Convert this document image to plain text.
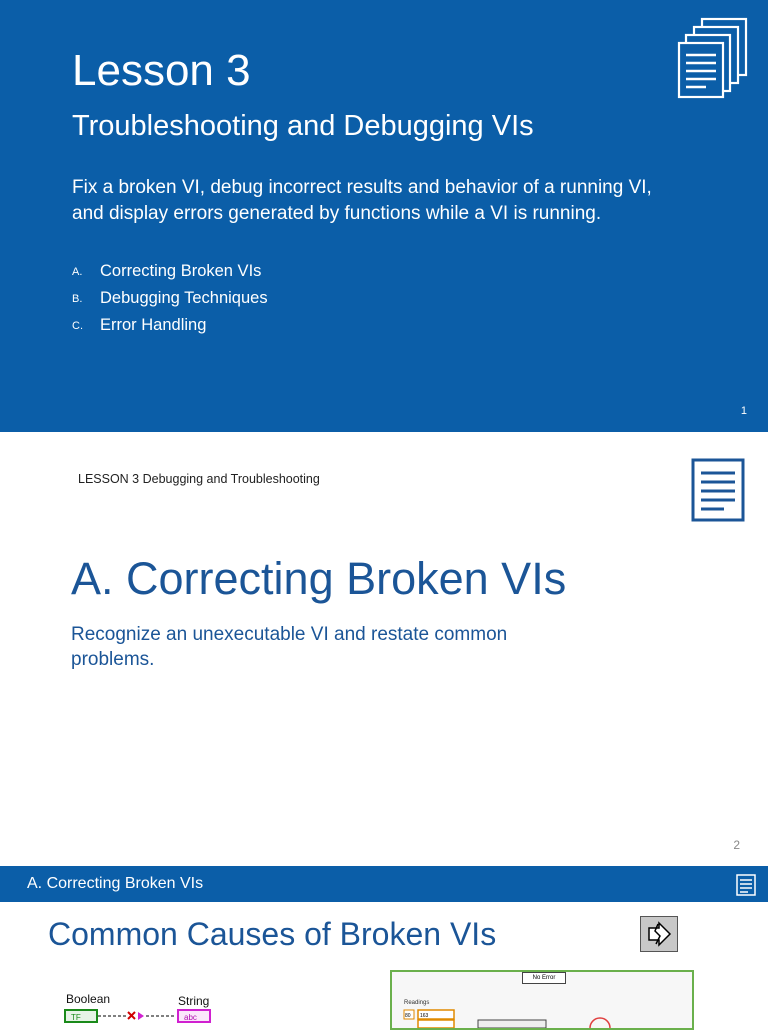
Lesson 3
Troubleshooting and Debugging VIs
Fix a broken VI, debug incorrect results and behavior of a running VI, and display errors generated by functions while a VI is running.
A.	Correcting Broken VIs
B.	Debugging Techniques
C.	Error Handling
1
LESSON 3 Debugging and Troubleshooting
A. Correcting Broken VIs
Recognize an unexecutable VI and restate common problems.
2
A. Correcting Broken VIs
Common Causes of Broken VIs
Boolean	String
TF	abc
No Error
Readings
80 163
